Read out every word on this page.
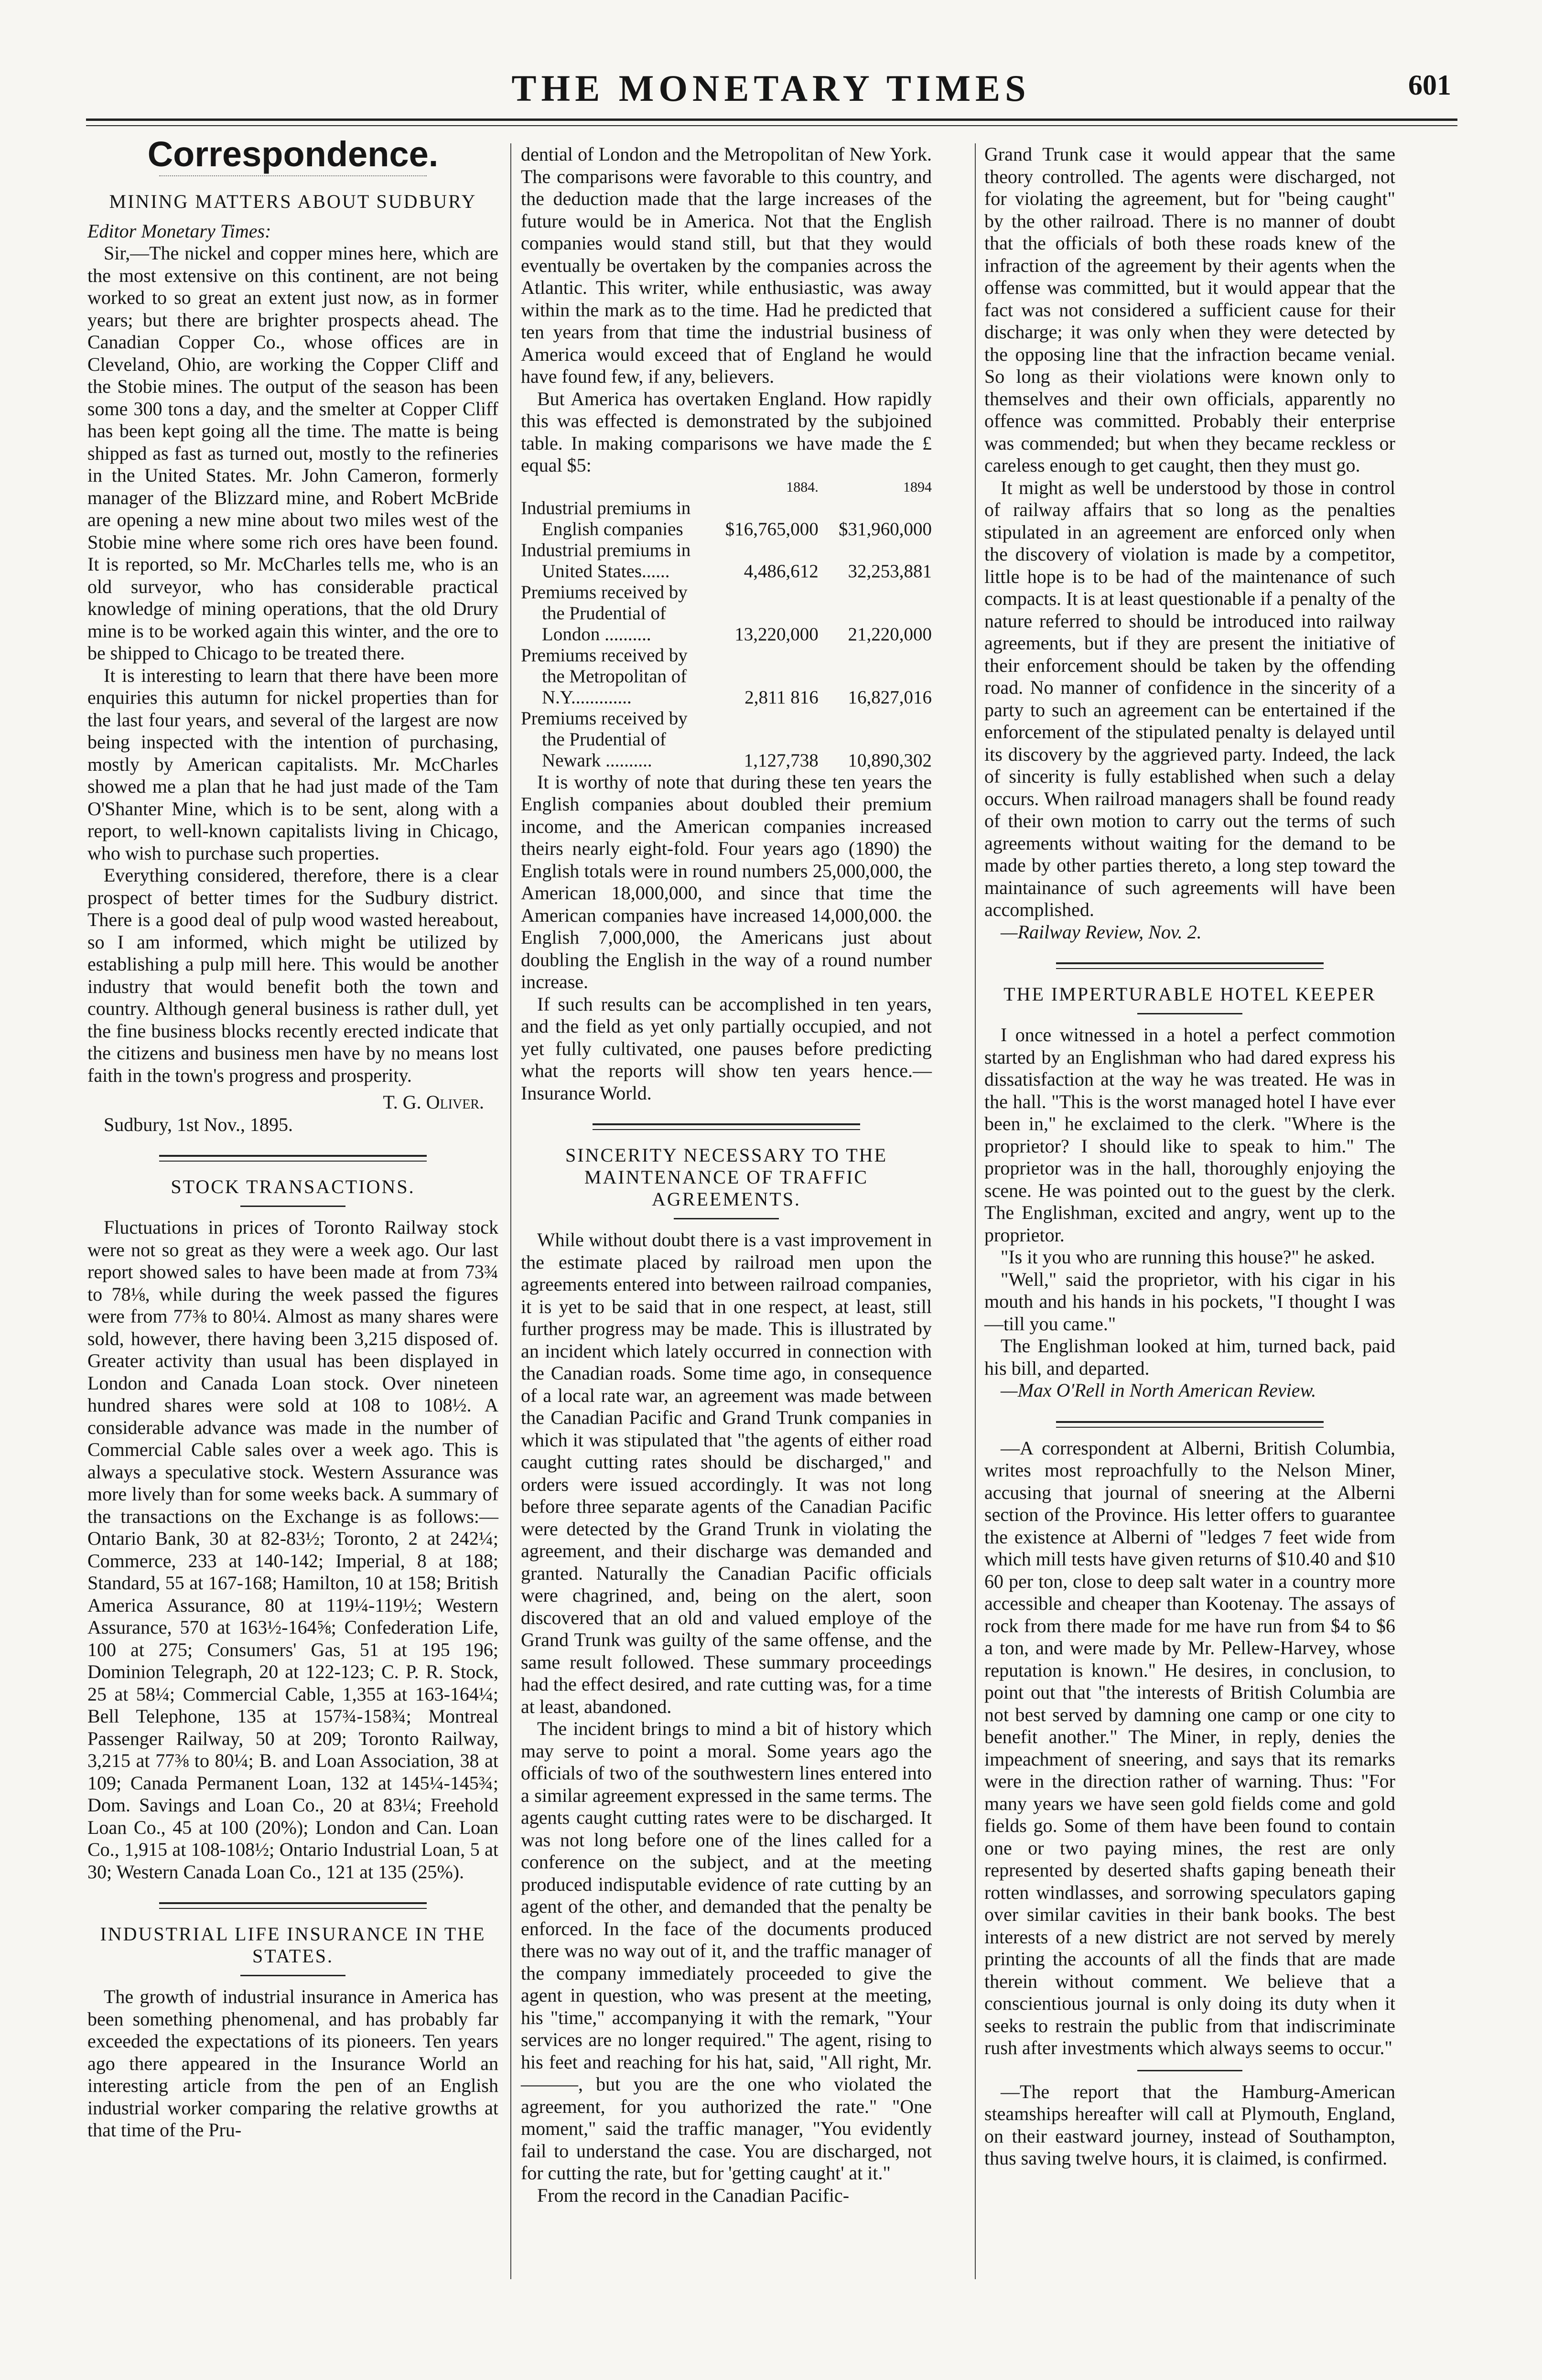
THE MONETARY TIMES	601
Correspondence.
MINING MATTERS ABOUT SUDBURY

Editor Monetary Times:

Sir,—The nickel and copper mines here, which are the most extensive on this continent, are not being worked to so great an extent just now, as in former years; but there are brighter prospects ahead. The Canadian Copper Co., whose offices are in Cleveland, Ohio, are working the Copper Cliff and the Stobie mines. The output of the season has been some 300 tons a day, and the smelter at Copper Cliff has been kept going all the time. The matte is being shipped as fast as turned out, mostly to the refineries in the United States. Mr. John Cameron, formerly manager of the Blizzard mine, and Robert McBride are opening a new mine about two miles west of the Stobie mine where some rich ores have been found. It is reported, so Mr. McCharles tells me, who is an old surveyor, who has considerable practical knowledge of mining operations, that the old Drury mine is to be worked again this winter, and the ore to be shipped to Chicago to be treated there.

It is interesting to learn that there have been more enquiries this autumn for nickel properties than for the last four years, and several of the largest are now being inspected with the intention of purchasing, mostly by American capitalists. Mr. McCharles showed me a plan that he had just made of the Tam O'Shanter Mine, which is to be sent, along with a report, to well-known capitalists living in Chicago, who wish to purchase such properties.

Everything considered, therefore, there is a clear prospect of better times for the Sudbury district. There is a good deal of pulp wood wasted hereabout, so I am informed, which might be utilized by establishing a pulp mill here. This would be another industry that would benefit both the town and country. Although general business is rather dull, yet the fine business blocks recently erected indicate that the citizens and business men have by no means lost faith in the town's progress and prosperity.

T. G. Oliver.

Sudbury, 1st Nov., 1895.

STOCK TRANSACTIONS.

Fluctuations in prices of Toronto Railway stock were not so great as they were a week ago. Our last report showed sales to have been made at from 73¾ to 78⅛, while during the week passed the figures were from 77⅜ to 80¼. Almost as many shares were sold, however, there having been 3,215 disposed of. Greater activity than usual has been displayed in London and Canada Loan stock. Over nineteen hundred shares were sold at 108 to 108½. A considerable advance was made in the number of Commercial Cable sales over a week ago. This is always a speculative stock. Western Assurance was more lively than for some weeks back. A summary of the transactions on the Exchange is as follows:—Ontario Bank, 30 at 82-83½; Toronto, 2 at 242¼; Commerce, 233 at 140-142; Imperial, 8 at 188; Standard, 55 at 167-168; Hamilton, 10 at 158; British America Assurance, 80 at 119¼-119½; Western Assurance, 570 at 163½-164⅝; Confederation Life, 100 at 275; Consumers' Gas, 51 at 195 196; Dominion Telegraph, 20 at 122-123; C. P. R. Stock, 25 at 58¼; Commercial Cable, 1,355 at 163-164¼; Bell Telephone, 135 at 157¾-158¾; Montreal Passenger Railway, 50 at 209; Toronto Railway, 3,215 at 77⅜ to 80¼; B. and Loan Association, 38 at 109; Canada Permanent Loan, 132 at 145¼-145¾; Dom. Savings and Loan Co., 20 at 83¼; Freehold Loan Co., 45 at 100 (20%); London and Can. Loan Co., 1,915 at 108-108½; Ontario Industrial Loan, 5 at 30; Western Canada Loan Co., 121 at 135 (25%).

INDUSTRIAL LIFE INSURANCE IN THE STATES.

The growth of industrial insurance in America has been something phenomenal, and has probably far exceeded the expectations of its pioneers. Ten years ago there appeared in the Insurance World an interesting article from the pen of an English industrial worker comparing the relative growths at that time of the Pru-

dential of London and the Metropolitan of New York. The comparisons were favorable to this country, and the deduction made that the large increases of the future would be in America. Not that the English companies would stand still, but that they would eventually be overtaken by the companies across the Atlantic. This writer, while enthusiastic, was away within the mark as to the time. Had he predicted that ten years from that time the industrial business of America would exceed that of England he would have found few, if any, believers.

But America has overtaken England. How rapidly this was effected is demonstrated by the subjoined table. In making comparisons we have made the £ equal $5:

	1884.	1894
Industrial premiums in		
English companies	$16,765,000	$31,960,000
Industrial premiums in		
United States......	4,486,612	32,253,881
Premiums received by		
the Prudential of		
London ..........	13,220,000	21,220,000
Premiums received by		
the Metropolitan of		
N.Y.............	2,811 816	16,827,016
Premiums received by		
the Prudential of		
Newark ..........	1,127,738	10,890,302

It is worthy of note that during these ten years the English companies about doubled their premium income, and the American companies increased theirs nearly eight-fold. Four years ago (1890) the English totals were in round numbers 25,000,000, the American 18,000,000, and since that time the American companies have increased 14,000,000. the English 7,000,000, the Americans just about doubling the English in the way of a round number increase.

If such results can be accomplished in ten years, and the field as yet only partially occupied, and not yet fully cultivated, one pauses before predicting what the reports will show ten years hence.—Insurance World.

SINCERITY NECESSARY TO THE MAINTENANCE OF TRAFFIC AGREEMENTS.

While without doubt there is a vast improvement in the estimate placed by railroad men upon the agreements entered into between railroad companies, it is yet to be said that in one respect, at least, still further progress may be made. This is illustrated by an incident which lately occurred in connection with the Canadian roads. Some time ago, in consequence of a local rate war, an agreement was made between the Canadian Pacific and Grand Trunk companies in which it was stipulated that "the agents of either road caught cutting rates should be discharged," and orders were issued accordingly. It was not long before three separate agents of the Canadian Pacific were detected by the Grand Trunk in violating the agreement, and their discharge was demanded and granted. Naturally the Canadian Pacific officials were chagrined, and, being on the alert, soon discovered that an old and valued employe of the Grand Trunk was guilty of the same offense, and the same result followed. These summary proceedings had the effect desired, and rate cutting was, for a time at least, abandoned.

The incident brings to mind a bit of history which may serve to point a moral. Some years ago the officials of two of the southwestern lines entered into a similar agreement expressed in the same terms. The agents caught cutting rates were to be discharged. It was not long before one of the lines called for a conference on the subject, and at the meeting produced indisputable evidence of rate cutting by an agent of the other, and demanded that the penalty be enforced. In the face of the documents produced there was no way out of it, and the traffic manager of the company immediately proceeded to give the agent in question, who was present at the meeting, his "time," accompanying it with the remark, "Your services are no longer required." The agent, rising to his feet and reaching for his hat, said, "All right, Mr. ———, but you are the one who violated the agreement, for you authorized the rate." "One moment," said the traffic manager, "You evidently fail to understand the case. You are discharged, not for cutting the rate, but for 'getting caught' at it."

From the record in the Canadian Pacific-

Grand Trunk case it would appear that the same theory controlled. The agents were discharged, not for violating the agreement, but for "being caught" by the other railroad. There is no manner of doubt that the officials of both these roads knew of the infraction of the agreement by their agents when the offense was committed, but it would appear that the fact was not considered a sufficient cause for their discharge; it was only when they were detected by the opposing line that the infraction became venial. So long as their violations were known only to themselves and their own officials, apparently no offence was committed. Probably their enterprise was commended; but when they became reckless or careless enough to get caught, then they must go.

It might as well be understood by those in control of railway affairs that so long as the penalties stipulated in an agreement are enforced only when the discovery of violation is made by a competitor, little hope is to be had of the maintenance of such compacts. It is at least questionable if a penalty of the nature referred to should be introduced into railway agreements, but if they are present the initiative of their enforcement should be taken by the offending road. No manner of confidence in the sincerity of a party to such an agreement can be entertained if the enforcement of the stipulated penalty is delayed until its discovery by the aggrieved party. Indeed, the lack of sincerity is fully established when such a delay occurs. When railroad managers shall be found ready of their own motion to carry out the terms of such agreements without waiting for the demand to be made by other parties thereto, a long step toward the maintainance of such agreements will have been accomplished.

—Railway Review, Nov. 2.

THE IMPERTURABLE HOTEL KEEPER

I once witnessed in a hotel a perfect commotion started by an Englishman who had dared express his dissatisfaction at the way he was treated. He was in the hall. "This is the worst managed hotel I have ever been in," he exclaimed to the clerk. "Where is the proprietor? I should like to speak to him." The proprietor was in the hall, thoroughly enjoying the scene. He was pointed out to the guest by the clerk. The Englishman, excited and angry, went up to the proprietor.

"Is it you who are running this house?" he asked.

"Well," said the proprietor, with his cigar in his mouth and his hands in his pockets, "I thought I was—till you came."

The Englishman looked at him, turned back, paid his bill, and departed.

—Max O'Rell in North American Review.

—A correspondent at Alberni, British Columbia, writes most reproachfully to the Nelson Miner, accusing that journal of sneering at the Alberni section of the Province. His letter offers to guarantee the existence at Alberni of "ledges 7 feet wide from which mill tests have given returns of $10.40 and $10 60 per ton, close to deep salt water in a country more accessible and cheaper than Kootenay. The assays of rock from there made for me have run from $4 to $6 a ton, and were made by Mr. Pellew-Harvey, whose reputation is known." He desires, in conclusion, to point out that "the interests of British Columbia are not best served by damning one camp or one city to benefit another." The Miner, in reply, denies the impeachment of sneering, and says that its remarks were in the direction rather of warning. Thus: "For many years we have seen gold fields come and gold fields go. Some of them have been found to contain one or two paying mines, the rest are only represented by deserted shafts gaping beneath their rotten windlasses, and sorrowing speculators gaping over similar cavities in their bank books. The best interests of a new district are not served by merely printing the accounts of all the finds that are made therein without comment. We believe that a conscientious journal is only doing its duty when it seeks to restrain the public from that indiscriminate rush after investments which always seems to occur."

—The report that the Hamburg-American steamships hereafter will call at Plymouth, England, on their eastward journey, instead of Southampton, thus saving twelve hours, it is claimed, is confirmed.
